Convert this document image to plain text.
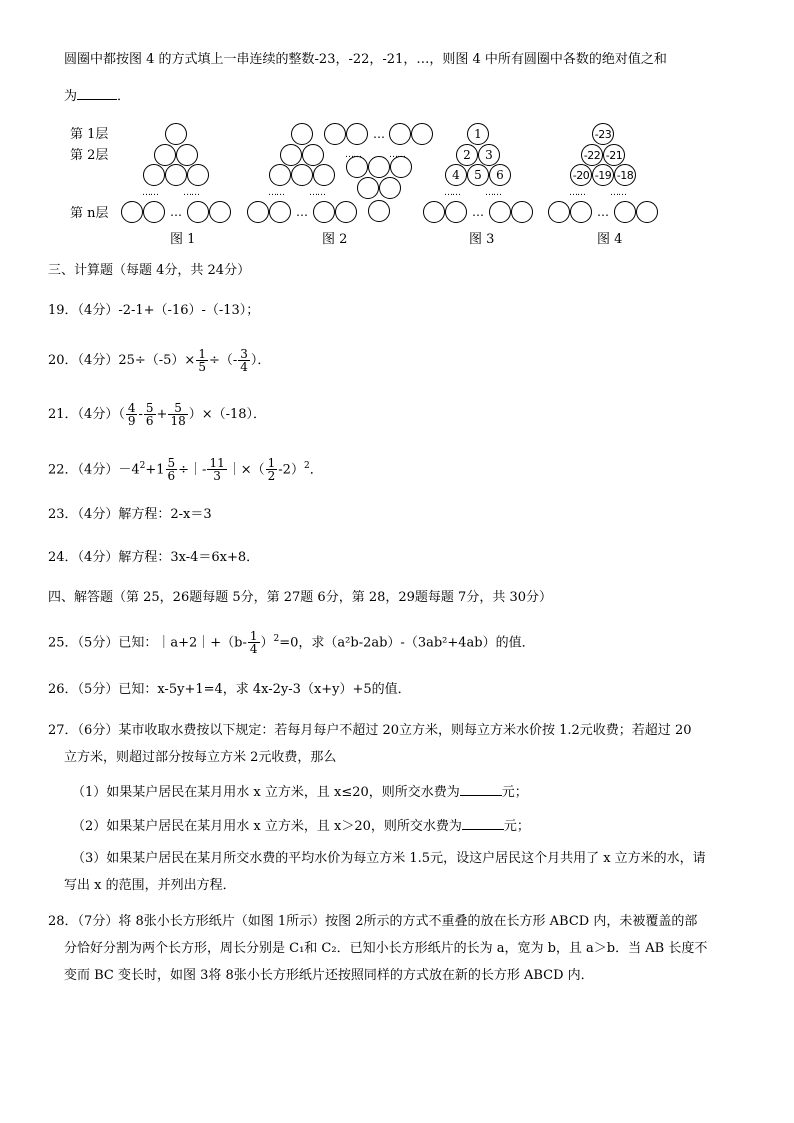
圆圈中都按图 4 的方式填上一串连续的整数-23，-22，-21，…，则图 4 中所有圆圈中各数的绝对值之和
为	．
第 1层
第 2层
第 n层
图 1	图 2	图 3	图 4
……	……	……	……
……	……
……	……	……	……
…	…
…
…	…
1
2 3
4 5 6
-23
-22 -21
-20 -19 -18
三、计算题（每题 4分，共 24分）
19．（4分）-2-1+（-16）-（-13）；
20．（4分）$25\div(-5)\times \frac{1}{5}$ ÷（- $\frac{3}{4}$ ）．
21．（4分）（ $\frac{4}{9} - \frac{5}{6} + \frac{5}{18} )\times(-18)$．
22．（4分）$-4^2+1 \frac{5}{6}$ ÷｜- $\frac{11}{3}$ ｜×（ $\frac{1}{2} -2)^2$．
23．（4分）解方程：2-x＝3
24．（4分）解方程：3x-4＝6x+8．
四、解答题（第 25，26题每题 5分，第 27题 6分，第 28，29题每题 7分，共 30分）
25．（5分）已知：｜a+2｜+（b- $\frac{1}{4} )^2=0$，求（a²b-2ab）-（3ab²+4ab）的值．
26．（5分）已知：x-5y+1=4，求 4x-2y-3（x+y）+5的值．
27．（6分）某市收取水费按以下规定：若每月每户不超过 20立方米，则每立方米水价按 1.2元收费；若超过 20
立方米，则超过部分按每立方米 2元收费，那么
（1）如果某户居民在某月用水 x 立方米，且 x≤20，则所交水费为	元；
（2）如果某户居民在某月用水 x 立方米，且 x＞20，则所交水费为	元；
（3）如果某户居民在某月所交水费的平均水价为每立方米 1.5元，设这户居民这个月共用了 x 立方米的水，请
写出 x 的范围，并列出方程．
28．（7分）将 8张小长方形纸片（如图 1所示）按图 2所示的方式不重叠的放在长方形 ABCD 内，未被覆盖的部
分恰好分割为两个长方形，周长分别是 C₁和 C₂．已知小长方形纸片的长为 a，宽为 b，且 a＞b．当 AB 长度不
变而 BC 变长时，如图 3将 8张小长方形纸片还按照同样的方式放在新的长方形 ABCD 内．
